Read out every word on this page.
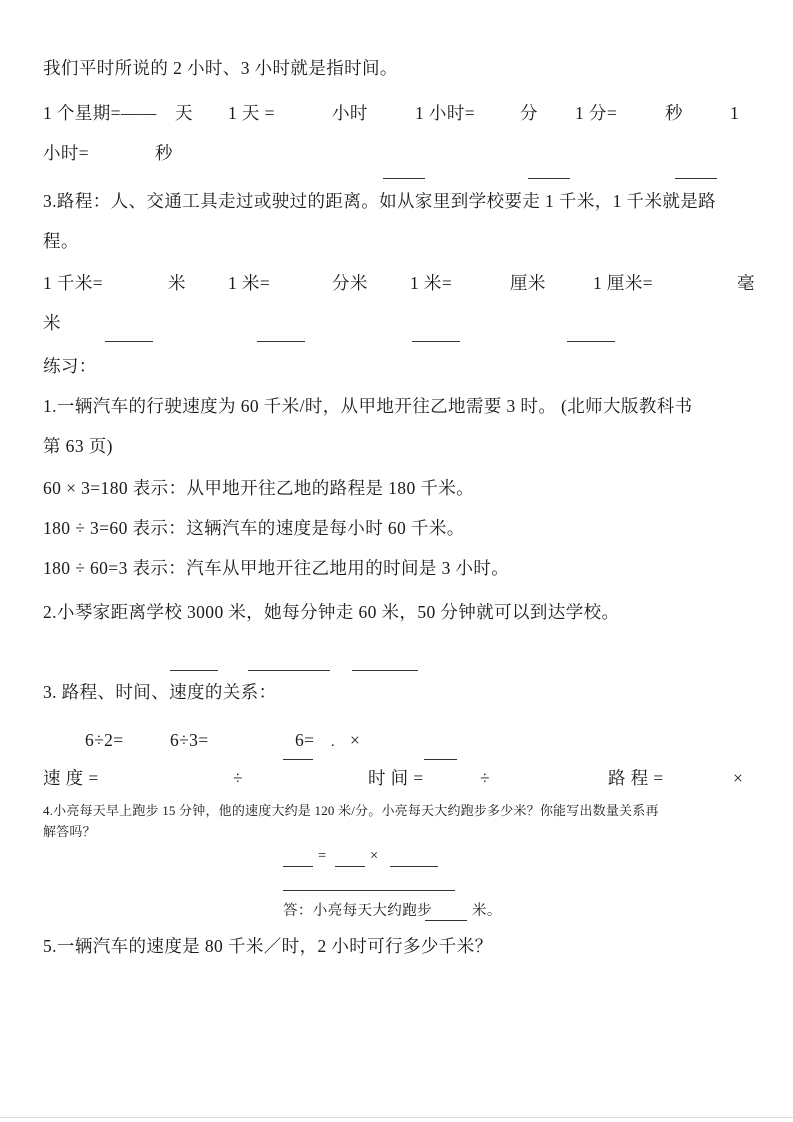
我们平时所说的 2 小时、3 小时就是指时间。
1 个星期=—— 天 1 天 =	小时	1 小时=	分 1 分=	秒	1
小时=	秒
3.路程：人、交通工具走过或驶过的距离。如从家里到学校要走 1 千米，1 千米就是路
程。
1 千米=	米 1 米=	分米 1 米=	厘米	1 厘米=	毫
米
练习：
1.一辆汽车的行驶速度为 60 千米/时，从甲地开往乙地需要 3 时。 (北师大版教科书
第 63 页)
60 × 3=180 表示：从甲地开往乙地的路程是 180 千米。
180 ÷ 3=60 表示：这辆汽车的速度是每小时 60 千米。
180 ÷ 60=3 表示：汽车从甲地开往乙地用的时间是 3 小时。
2.小琴家距离学校 3000 米，她每分钟走 60 米，50 分钟就可以到达学校。
3. 路程、时间、速度的关系：
6÷2=	6÷3=	6= . ×
速 度 =	÷	时 间 =	÷	路 程 =	×
4.小亮每天早上跑步 15 分钟，他的速度大约是 120 米/分。小亮每天大约跑步多少米？你能写出数量关系再
解答吗？
=	×
答：小亮每天大约跑步	米。
5.一辆汽车的速度是 80 千米／时，2 小时可行多少千米？
